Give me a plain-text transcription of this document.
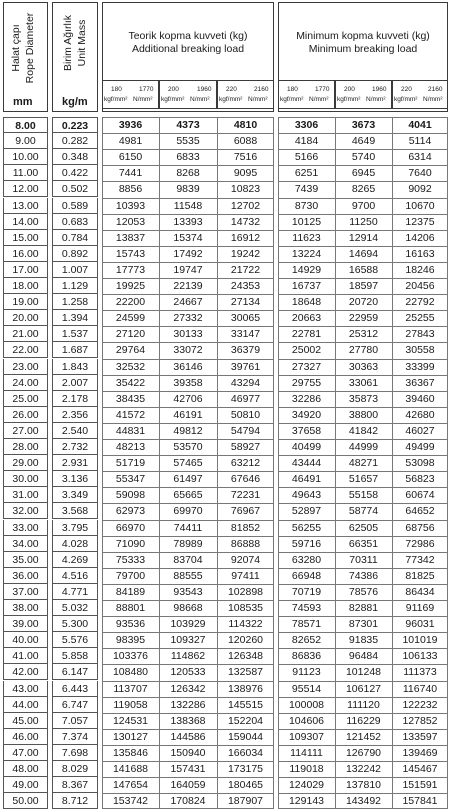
Halat çapı Rope Diameter
mm
Birim Ağırlık Unit Mass
kg/m
Teorik kopma kuvveti (kg)
Additional breaking load
Minimum kopma kuvveti (kg)
Minimum breaking load
180	1770
kgf/mm² N/mm²
200	1960
kgf/mm² N/mm²
220	2160
kgf/mm² N/mm²
180	1770
kgf/mm² N/mm²
200	1960
kgf/mm² N/mm²
220 2160
kgf/mm² N/mm²
8.00	0.223	3936	4373	4810	3306	3673	4041
9.00	0.282	4981	5535	6088	4184	4649	5114
10.00	0.348	6150	6833	7516	5166	5740	6314
11.00	0.422	7441	8268	9095	6251	6945	7640
12.00	0.502	8856	9839	10823	7439	8265	9092
13.00	0.589	10393	11548	12702	8730	9700	10670
14.00	0.683	12053	13393	14732	10125	11250	12375
15.00	0.784	13837	15374	16912	11623	12914	14206
16.00	0.892	15743	17492	19242	13224	14694	16163
17.00	1.007	17773	19747	21722	14929	16588	18246
18.00	1.129	19925	22139	24353	16737	18597	20456
19.00	1.258	22200	24667	27134	18648	20720	22792
20.00	1.394	24599	27332	30065	20663	22959	25255
21.00	1.537	27120	30133	33147	22781	25312	27843
22.00	1.687	29764	33072	36379	25002	27780	30558
23.00	1.843	32532	36146	39761	27327	30363	33399
24.00	2.007	35422	39358	43294	29755	33061	36367
25.00	2.178	38435	42706	46977	32286	35873	39460
26.00	2.356	41572	46191	50810	34920	38800	42680
27.00	2.540	44831	49812	54794	37658	41842	46027
28.00	2.732	48213	53570	58927	40499	44999	49499
29.00	2.931	51719	57465	63212	43444	48271	53098
30.00	3.136	55347	61497	67646	46491	51657	56823
31.00	3.349	59098	65665	72231	49643	55158	60674
32.00	3.568	62973	69970	76967	52897	58774	64652
33.00	3.795	66970	74411	81852	56255	62505	68756
34.00	4.028	71090	78989	86888	59716	66351	72986
35.00	4.269	75333	83704	92074	63280	70311	77342
36.00	4.516	79700	88555	97411	66948	74386	81825
37.00	4.771	84189	93543	102898	70719	78576	86434
38.00	5.032	88801	98668	108535	74593	82881	91169
39.00	5.300	93536	103929	114322	78571	87301	96031
40.00	5.576	98395	109327	120260	82652	91835	101019
41.00	5.858	103376	114862	126348	86836	96484	106133
42.00	6.147	108480	120533	132587	91123	101248	111373
43.00	6.443	113707	126342	138976	95514	106127	116740
44.00	6.747	119058	132286	145515	100008	111120	122232
45.00	7.057	124531	138368	152204	104606	116229	127852
46.00	7.374	130127	144586	159044	109307	121452	133597
47.00	7.698	135846	150940	166034	114111	126790	139469
48.00	8.029	141688	157431	173175	119018	132242	145467
49.00	8.367	147654	164059	180465	124029	137810	151591
50.00	8.712	153742	170824	187907	129143	143492	157841
